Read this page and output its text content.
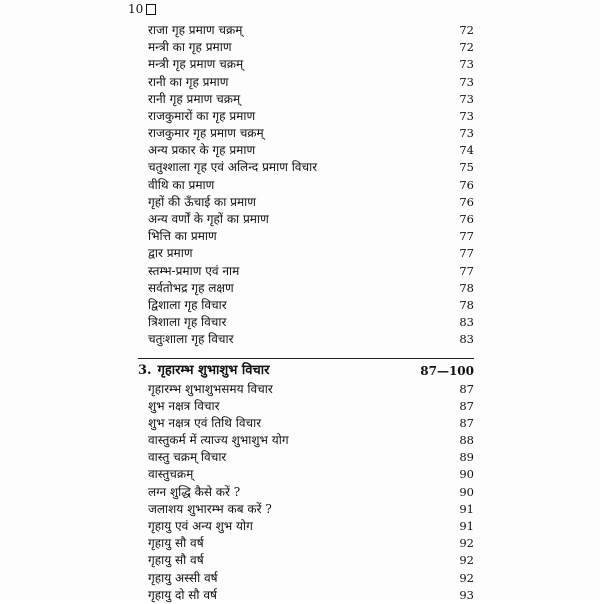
10
राजा गृह प्रमाण चक्रम्	72
मन्त्री का गृह प्रमाण	72
मन्त्री गृह प्रमाण चक्रम्	73
रानी का गृह प्रमाण	73
रानी गृह प्रमाण चक्रम्	73
राजकुमारों का गृह प्रमाण	73
राजकुमार गृह प्रमाण चक्रम्	73
अन्य प्रकार के गृह प्रमाण	74
चतुश्शाला गृह एवं अलिन्द प्रमाण विचार	75
वीथि का प्रमाण	76
गृहों की ऊँचाई का प्रमाण	76
अन्य वर्णों के गृहों का प्रमाण	76
भित्ति का प्रमाण	77
द्वार प्रमाण	77
स्तम्भ-प्रमाण एवं नाम	77
सर्वतोभद्र गृह लक्षण	78
द्विशाला गृह विचार	78
त्रिशाला गृह विचार	83
चतुःशाला गृह विचार	83
3. गृहारम्भ शुभाशुभ विचार	87—100
गृहारम्भ शुभाशुभसमय विचार	87
शुभ नक्षत्र विचार	87
शुभ नक्षत्र एवं तिथि विचार	87
वास्तुकर्म में त्याज्य शुभाशुभ योग	88
वास्तु चक्रम् विचार	89
वास्तुचक्रम्	90
लग्न शुद्धि कैसे करें ?	90
जलाशय शुभारम्भ कब करें ?	91
गृहायु एवं अन्य शुभ योग	91
गृहायु सौ वर्ष	92
गृहायु सौ वर्ष	92
गृहायु अस्सी वर्ष	92
गृहायु दो सौ वर्ष	93
